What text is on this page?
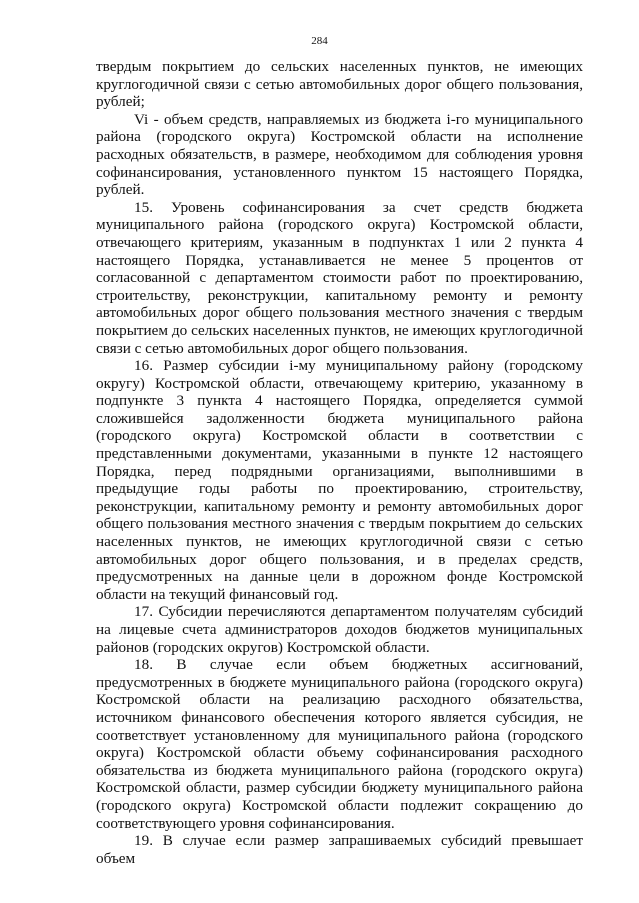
284

твердым покрытием до сельских населенных пунктов, не имеющих круглогодичной связи с сетью автомобильных дорог общего пользования, рублей;

Vi - объем средств, направляемых из бюджета i-го муниципального района (городского округа) Костромской области на исполнение расходных обязательств, в размере, необходимом для соблюдения уровня софинансирования, установленного пунктом 15 настоящего Порядка, рублей.

15. Уровень софинансирования за счет средств бюджета муниципального района (городского округа) Костромской области, отвечающего критериям, указанным в подпунктах 1 или 2 пункта 4 настоящего Порядка, устанавливается не менее 5 процентов от согласованной с департаментом стоимости работ по проектированию, строительству, реконструкции, капитальному ремонту и ремонту автомобильных дорог общего пользования местного значения с твердым покрытием до сельских населенных пунктов, не имеющих круглогодичной связи с сетью автомобильных дорог общего пользования.

16. Размер субсидии i-му муниципальному району (городскому округу) Костромской области, отвечающему критерию, указанному в подпункте 3 пункта 4 настоящего Порядка, определяется суммой сложившейся задолженности бюджета муниципального района (городского округа) Костромской области в соответствии с представленными документами, указанными в пункте 12 настоящего Порядка, перед подрядными организациями, выполнившими в предыдущие годы работы по проектированию, строительству, реконструкции, капитальному ремонту и ремонту автомобильных дорог общего пользования местного значения с твердым покрытием до сельских населенных пунктов, не имеющих круглогодичной связи с сетью автомобильных дорог общего пользования, и в пределах средств, предусмотренных на данные цели в дорожном фонде Костромской области на текущий финансовый год.

17. Субсидии перечисляются департаментом получателям субсидий на лицевые счета администраторов доходов бюджетов муниципальных районов (городских округов) Костромской области.

18. В случае если объем бюджетных ассигнований, предусмотренных в бюджете муниципального района (городского округа) Костромской области на реализацию расходного обязательства, источником финансового обеспечения которого является субсидия, не соответствует установленному для муниципального района (городского округа) Костромской области объему софинансирования расходного обязательства из бюджета муниципального района (городского округа) Костромской области, размер субсидии бюджету муниципального района (городского округа) Костромской области подлежит сокращению до соответствующего уровня софинансирования.

19. В случае если размер запрашиваемых субсидий превышает объем
